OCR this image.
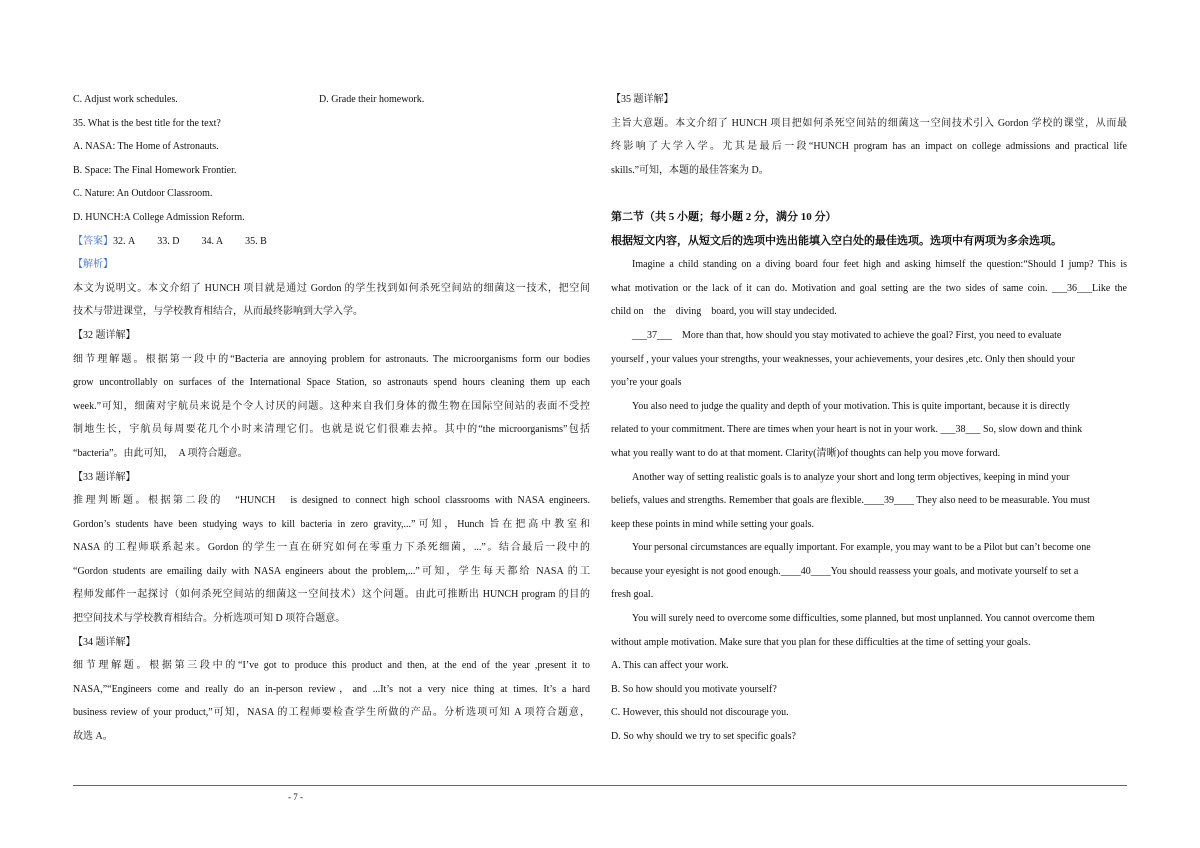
C. Adjust work schedules.	D. Grade their homework.
35. What is the best title for the text?
A. NASA: The Home of Astronauts.
B. Space: The Final Homework Frontier.
C. Nature: An Outdoor Classroom.
D. HUNCH:A College Admission Reform.
【答案】32. A 33. D 34. A 35. B
【解析】
本文为说明文。本文介绍了 HUNCH 项目就是通过 Gordon 的学生找到如何杀死空间站的细菌这一技术，把空间
技术与带进课堂，与学校教育相结合，从而最终影响到大学入学。
【32 题详解】
细节理解题。根据第一段中的“Bacteria are annoying problem for astronauts. The microorganisms form our bodies
grow uncontrollably on surfaces of the International Space Station, so astronauts spend hours cleaning them up each
week.”可知，细菌对宇航员来说是个令人讨厌的问题。这种来自我们身体的微生物在国际空间站的表面不受控
制地生长，宇航员每周要花几个小时来清理它们。也就是说它们很难去掉。其中的“the microorganisms”包括
“bacteria”。由此可知，　A 项符合题意。
【33 题详解】
推理判断题。根据第二段的　“HUNCH　is designed to connect high school classrooms with NASA engineers.
Gordon’s students have been studying ways to kill bacteria in zero gravity,...”可知，Hunch 旨在把高中教室和
NASA 的工程师联系起来。Gordon 的学生一直在研究如何在零重力下杀死细菌，...”。结合最后一段中的
“Gordon students are emailing daily with NASA engineers about the problem,...”可知，学生每天都给 NASA 的工
程师发邮件一起探讨（如何杀死空间站的细菌这一空间技术）这个问题。由此可推断出 HUNCH program 的目的
把空间技术与学校教育相结合。分析选项可知 D 项符合题意。
【34 题详解】
细节理解题。根据第三段中的“I’ve got to produce this product and then, at the end of the year ,present it to
NASA,”“Engineers come and really do an in-person review，and ...It’s not a very nice thing at times. It’s a hard
business review of your product,”可知，NASA 的工程师要检查学生所做的产品。分析选项可知 A 项符合题意，
故选 A。
【35 题详解】
主旨大意题。本文介绍了 HUNCH 项目把如何杀死空间站的细菌这一空间技术引入 Gordon 学校的课堂，从而最
终影响了大学入学。尤其是最后一段“HUNCH program has an impact on college admissions and practical life
skills.”可知，本题的最佳答案为 D。
第二节（共 5 小题；每小题 2 分，满分 10 分）
根据短文内容，从短文后的选项中选出能填入空白处的最佳选项。选项中有两项为多余选项。
Imagine a child standing on a diving board four feet high and asking himself the question:“Should I jump? This is
what motivation or the lack of it can do. Motivation and goal setting are the two sides of same coin. ___36___Like the
child on　the　diving　board, you will stay undecided.
___37___　More than that, how should you stay motivated to achieve the goal? First, you need to evaluate
yourself , your values your strengths, your weaknesses, your achievements, your desires ,etc. Only then should your
you’re your goals
You also need to judge the quality and depth of your motivation. This is quite important, because it is directly
related to your commitment. There are times when your heart is not in your work. ___38___ So, slow down and think
what you really want to do at that moment. Clarity(清晰)of thoughts can help you move forward.
Another way of setting realistic goals is to analyze your short and long term objectives, keeping in mind your
beliefs, values and strengths. Remember that goals are flexible.____39____ They also need to be measurable. You must
keep these points in mind while setting your goals.
Your personal circumstances are equally important. For example, you may want to be a Pilot but can’t become one
because your eyesight is not good enough.____40____You should reassess your goals, and motivate yourself to set a
fresh goal.
You will surely need to overcome some difficulties, some planned, but most unplanned. You cannot overcome them
without ample motivation. Make sure that you plan for these difficulties at the time of setting your goals.
A. This can affect your work.
B. So how should you motivate yourself?
C. However, this should not discourage you.
D. So why should we try to set specific goals?
- 7 -
